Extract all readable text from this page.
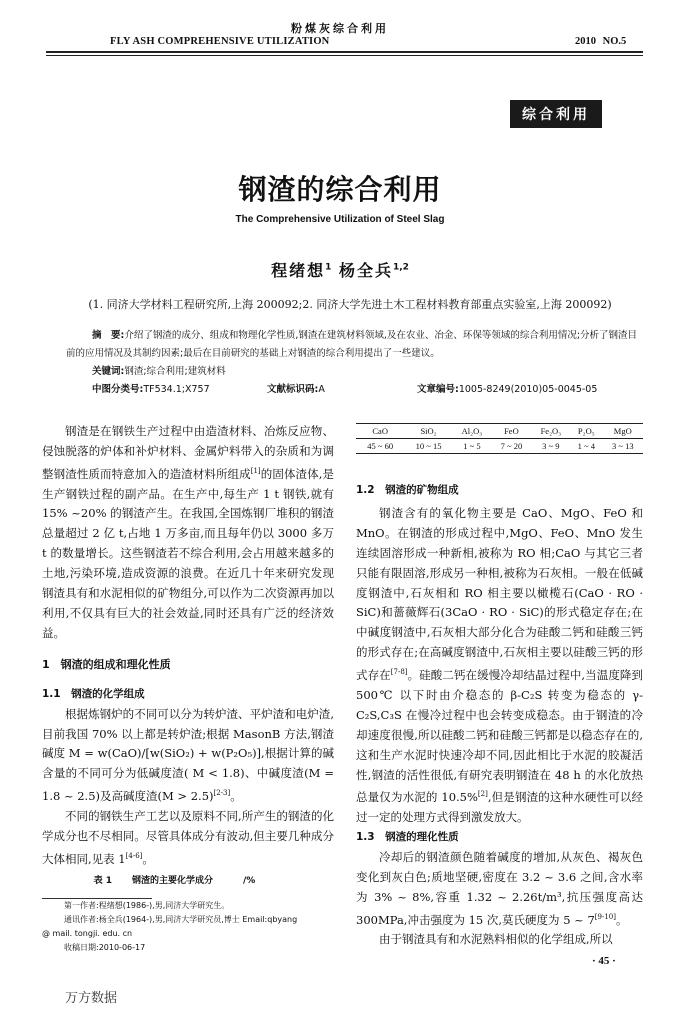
粉煤灰综合利用
FLY ASH COMPREHENSIVE UTILIZATION	2010 NO.5
综合利用
钢渣的综合利用
The Comprehensive Utilization of Steel Slag
程绪想$^1$ 杨全兵$^{1,2}$
(1. 同济大学材料工程研究所,上海 200092;2. 同济大学先进土木工程材料教育部重点实验室,上海 200092)
摘　要:介绍了钢渣的成分、组成和物理化学性质,钢渣在建筑材料领域,及在农业、冶金、环保等领域的综合利用情况;分析了钢渣目前的应用情况及其制约因素;最后在目前研究的基础上对钢渣的综合利用提出了一些建议。
关键词:钢渣;综合利用;建筑材料
中图分类号:TF534.1;X757	文献标识码:A	文章编号:1005-8249(2010)05-0045-05

钢渣是在钢铁生产过程中由造渣材料、冶炼反应物、侵蚀脱落的炉体和补炉材料、金属炉料带入的杂质和为调整钢渣性质而特意加入的造渣材料所组成[1]的固体渣体,是生产钢铁过程的副产品。在生产中,每生产 1 t 钢铁,就有 15% ~20% 的钢渣产生。在我国,全国炼钢厂堆积的钢渣总量超过 2 亿 t,占地 1 万多亩,而且每年仍以 3000 多万 t 的数量增长。这些钢渣若不综合利用,会占用越来越多的土地,污染环境,造成资源的浪费。在近几十年来研究发现钢渣具有和水泥相似的矿物组分,可以作为二次资源再加以利用,不仅具有巨大的社会效益,同时还具有广泛的经济效益。

1　钢渣的组成和理化性质

1.1　钢渣的化学组成

根据炼钢炉的不同可以分为转炉渣、平炉渣和电炉渣,目前我国 70% 以上都是转炉渣;根据 MasonB 方法,钢渣碱度 M = w(CaO)/[w(SiO₂) + w(P₂O₅)],根据计算的碱含量的不同可分为低碱度渣( M < 1.8)、中碱度渣(M = 1.8 ~ 2.5)及高碱度渣(M > 2.5)[2-3]。

不同的钢铁生产工艺以及原料不同,所产生的钢渣的化学成分也不尽相同。尽管具体成分有波动,但主要几种成分大体相同,见表 1[4-6]。

表 1 钢渣的主要化学成分	/%
第一作者:程绪想(1986-),男,同济大学研究生。
通讯作者:杨全兵(1964-),男,同济大学研究员,博士 Email:qbyang
@ mail. tongji. edu. cn
收稿日期:2010-06-17
CaO	SiO₂	Al₂O₃	FeO	Fe₂O₃	P₂O₅	MgO
45 ~ 60	10 ~ 15	1 ~ 5	7 ~ 20	3 ~ 9	1 ~ 4	3 ~ 13

1.2　钢渣的矿物组成

钢渣含有的氧化物主要是 CaO、MgO、FeO 和 MnO。在钢渣的形成过程中,MgO、FeO、MnO 发生连续固溶形成一种新相,被称为 RO 相;CaO 与其它三者只能有限固溶,形成另一种相,被称为石灰相。一般在低碱度钢渣中,石灰相和 RO 相主要以橄榄石(CaO · RO · SiC)和蔷薇辉石(3CaO · RO · SiC)的形式稳定存在;在中碱度钢渣中,石灰相大部分化合为硅酸二钙和硅酸三钙的形式存在;在高碱度钢渣中,石灰相主要以硅酸三钙的形式存在[7-8]。硅酸二钙在缓慢冷却结晶过程中,当温度降到 500℃ 以下时由介稳态的 β-C₂S 转变为稳态的 γ-C₂S,C₃S 在慢冷过程中也会转变成稳态。由于钢渣的冷却速度很慢,所以硅酸二钙和硅酸三钙都是以稳态存在的,这和生产水泥时快速冷却不同,因此相比于水泥的胶凝活性,钢渣的活性很低,有研究表明钢渣在 48 h 的水化放热总量仅为水泥的 10.5%[2],但是钢渣的这种水硬性可以经过一定的处理方式得到激发放大。

1.3　钢渣的理化性质

冷却后的钢渣颜色随着碱度的增加,从灰色、褐灰色变化到灰白色;质地坚硬,密度在 3.2 ~ 3.6 之间,含水率为 3% ~ 8%,容重 1.32 ~ 2.26t/m³,抗压强度高达 300MPa,冲击强度为 15 次,莫氏硬度为 5 ~ 7[9-10]。

由于钢渣具有和水泥熟料相似的化学组成,所以

· 45 ·
万方数据
